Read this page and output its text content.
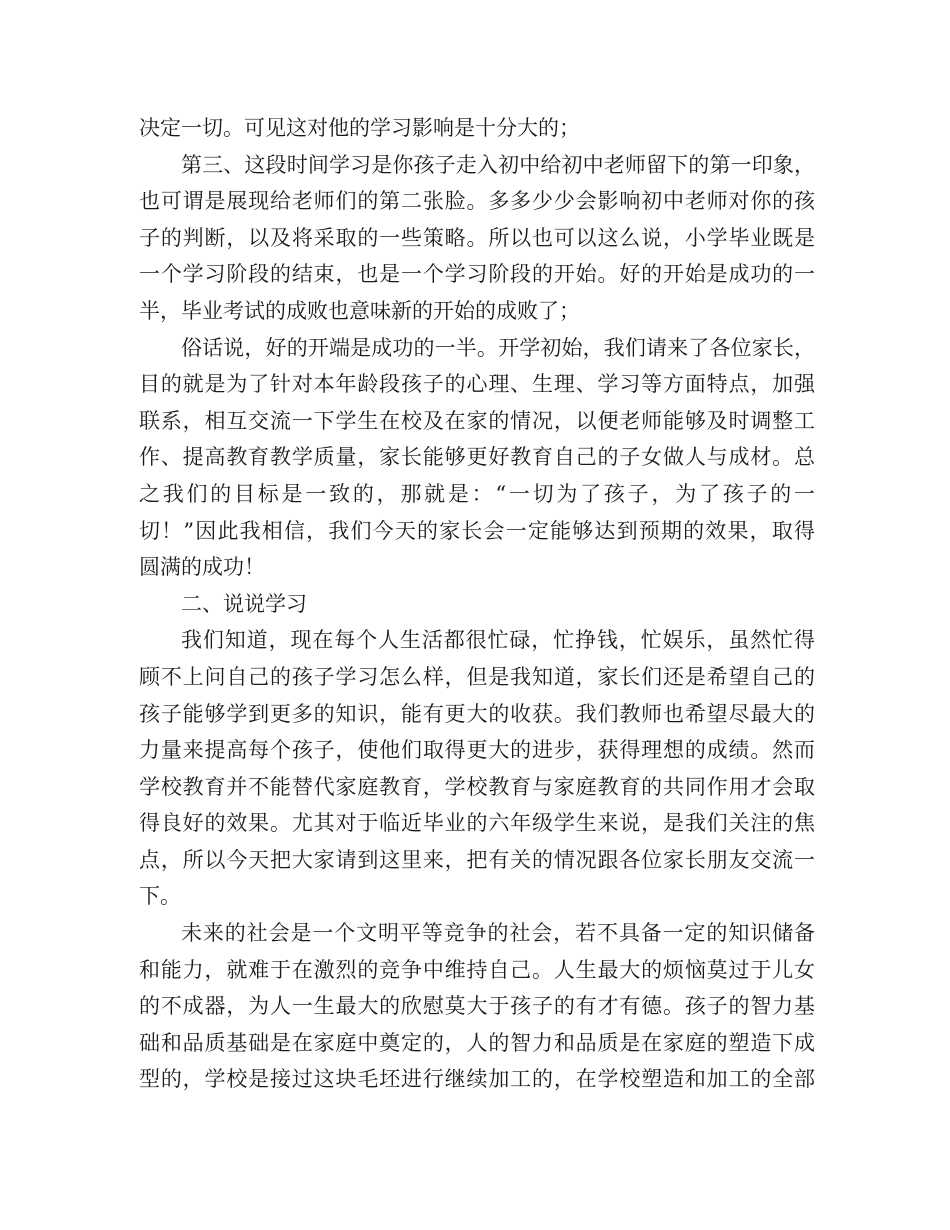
决定一切。可见这对他的学习影响是十分大的；
第三、这段时间学习是你孩子走入初中给初中老师留下的第一印象，
也可谓是展现给老师们的第二张脸。多多少少会影响初中老师对你的孩
子的判断，以及将采取的一些策略。所以也可以这么说，小学毕业既是
一个学习阶段的结束，也是一个学习阶段的开始。好的开始是成功的一
半，毕业考试的成败也意味新的开始的成败了；
俗话说，好的开端是成功的一半。开学初始，我们请来了各位家长，
目的就是为了针对本年龄段孩子的心理、生理、学习等方面特点，加强
联系，相互交流一下学生在校及在家的情况，以便老师能够及时调整工
作、提高教育教学质量，家长能够更好教育自己的子女做人与成材。总
之我们的目标是一致的，那就是：“一切为了孩子，为了孩子的一
切！”因此我相信，我们今天的家长会一定能够达到预期的效果，取得
圆满的成功！
二、说说学习
我们知道，现在每个人生活都很忙碌，忙挣钱，忙娱乐，虽然忙得
顾不上问自己的孩子学习怎么样，但是我知道，家长们还是希望自己的
孩子能够学到更多的知识，能有更大的收获。我们教师也希望尽最大的
力量来提高每个孩子，使他们取得更大的进步，获得理想的成绩。然而
学校教育并不能替代家庭教育，学校教育与家庭教育的共同作用才会取
得良好的效果。尤其对于临近毕业的六年级学生来说，是我们关注的焦
点，所以今天把大家请到这里来，把有关的情况跟各位家长朋友交流一
下。
未来的社会是一个文明平等竞争的社会，若不具备一定的知识储备
和能力，就难于在激烈的竞争中维持自己。人生最大的烦恼莫过于儿女
的不成器，为人一生最大的欣慰莫大于孩子的有才有德。孩子的智力基
础和品质基础是在家庭中奠定的，人的智力和品质是在家庭的塑造下成
型的，学校是接过这块毛坯进行继续加工的，在学校塑造和加工的全部
